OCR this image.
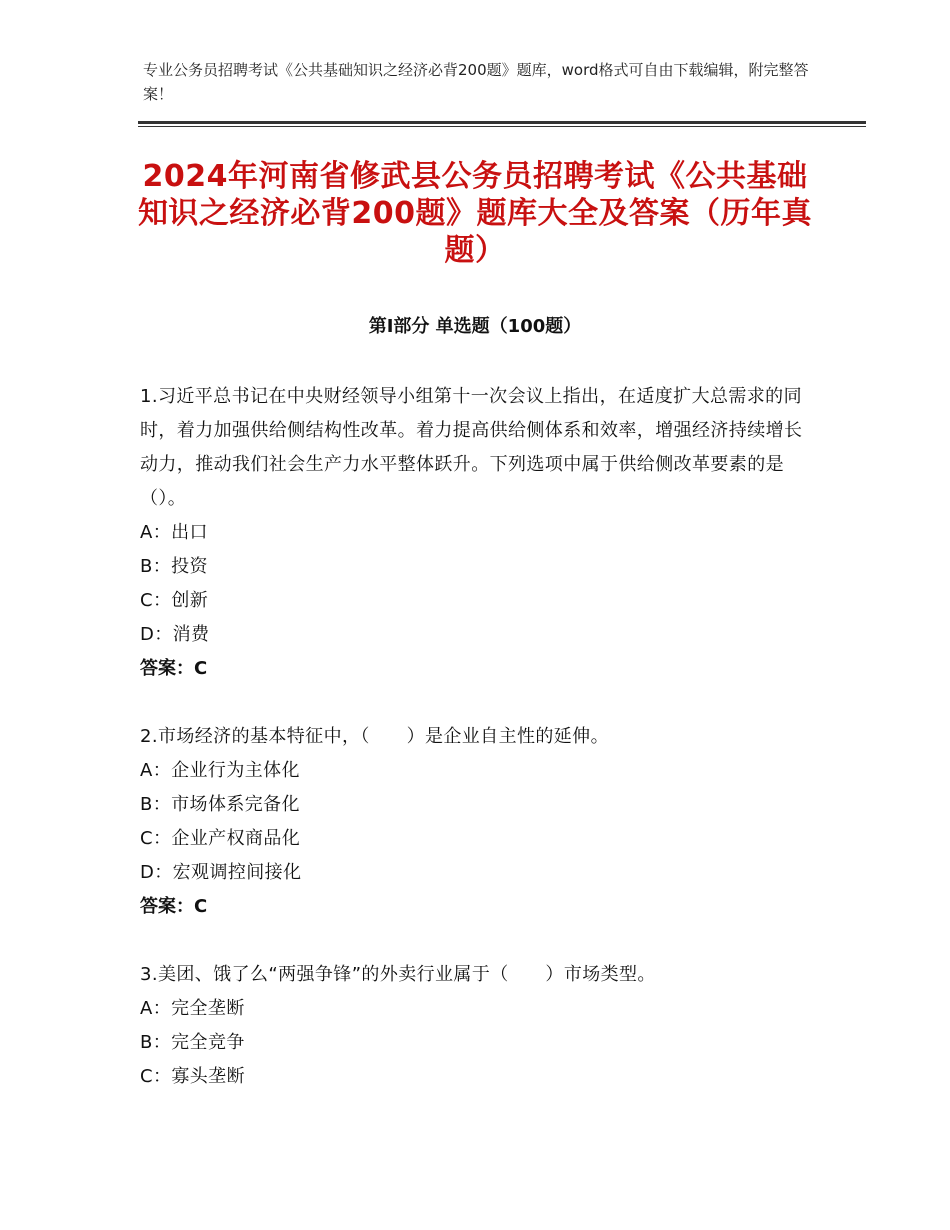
专业公务员招聘考试《公共基础知识之经济必背200题》题库，word格式可自由下载编辑，附完整答案！
2024年河南省修武县公务员招聘考试《公共基础知识之经济必背200题》题库大全及答案（历年真题）
第Ⅰ部分 单选题（100题）

1.习近平总书记在中央财经领导小组第十一次会议上指出，在适度扩大总需求的同时，着力加强供给侧结构性改革。着力提高供给侧体系和效率，增强经济持续增长动力，推动我们社会生产力水平整体跃升。下列选项中属于供给侧改革要素的是（）。

A：出口

B：投资

C：创新

D：消费

答案：C

2.市场经济的基本特征中，（　　）是企业自主性的延伸。

A：企业行为主体化

B：市场体系完备化

C：企业产权商品化

D：宏观调控间接化

答案：C

3.美团、饿了么“两强争锋”的外卖行业属于（　　）市场类型。

A：完全垄断

B：完全竞争

C：寡头垄断
